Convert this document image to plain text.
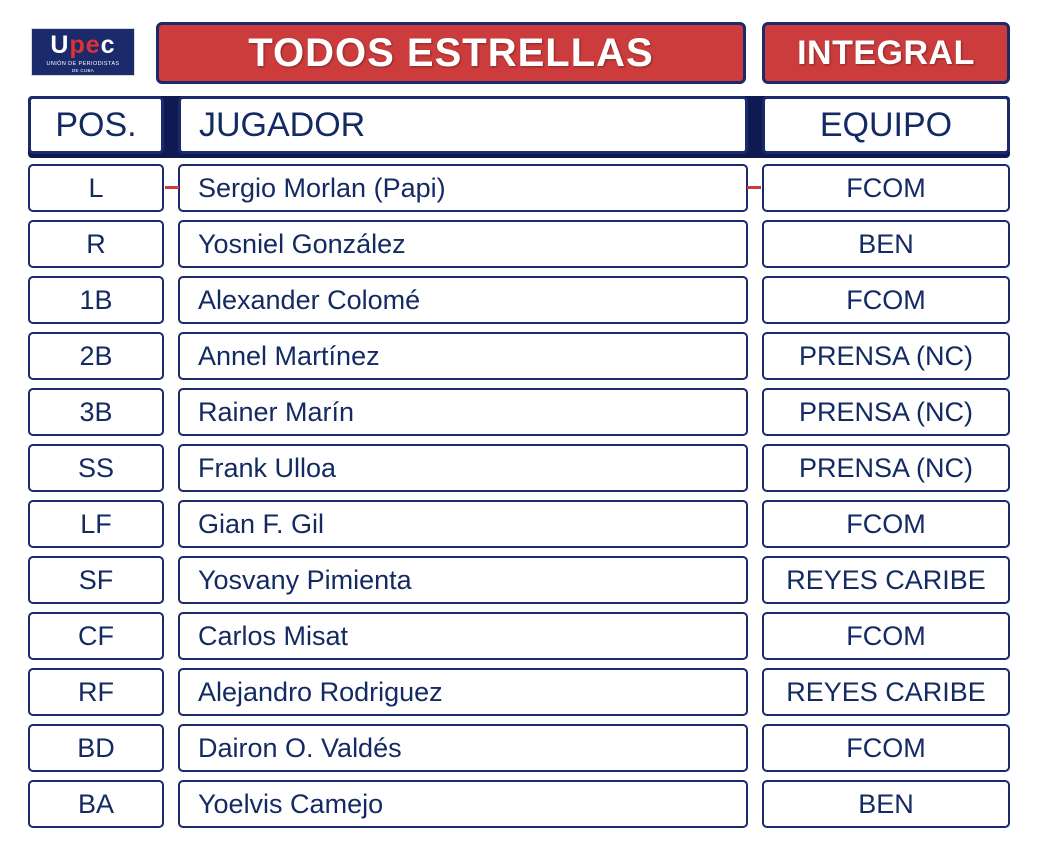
Upec
UNIÓN DE PERIODISTAS
DE CUBA	TODOS ESTRELLAS	INTEGRAL
POS.	JUGADOR	EQUIPO
L	Sergio Morlan (Papi)	FCOM
R	Yosniel González	BEN
1B	Alexander Colomé	FCOM
2B	Annel Martínez	PRENSA (NC)
3B	Rainer Marín	PRENSA (NC)
SS	Frank Ulloa	PRENSA (NC)
LF	Gian F. Gil	FCOM
SF	Yosvany Pimienta	REYES CARIBE
CF	Carlos Misat	FCOM
RF	Alejandro Rodriguez	REYES CARIBE
BD	Dairon O. Valdés	FCOM
BA	Yoelvis Camejo	BEN
